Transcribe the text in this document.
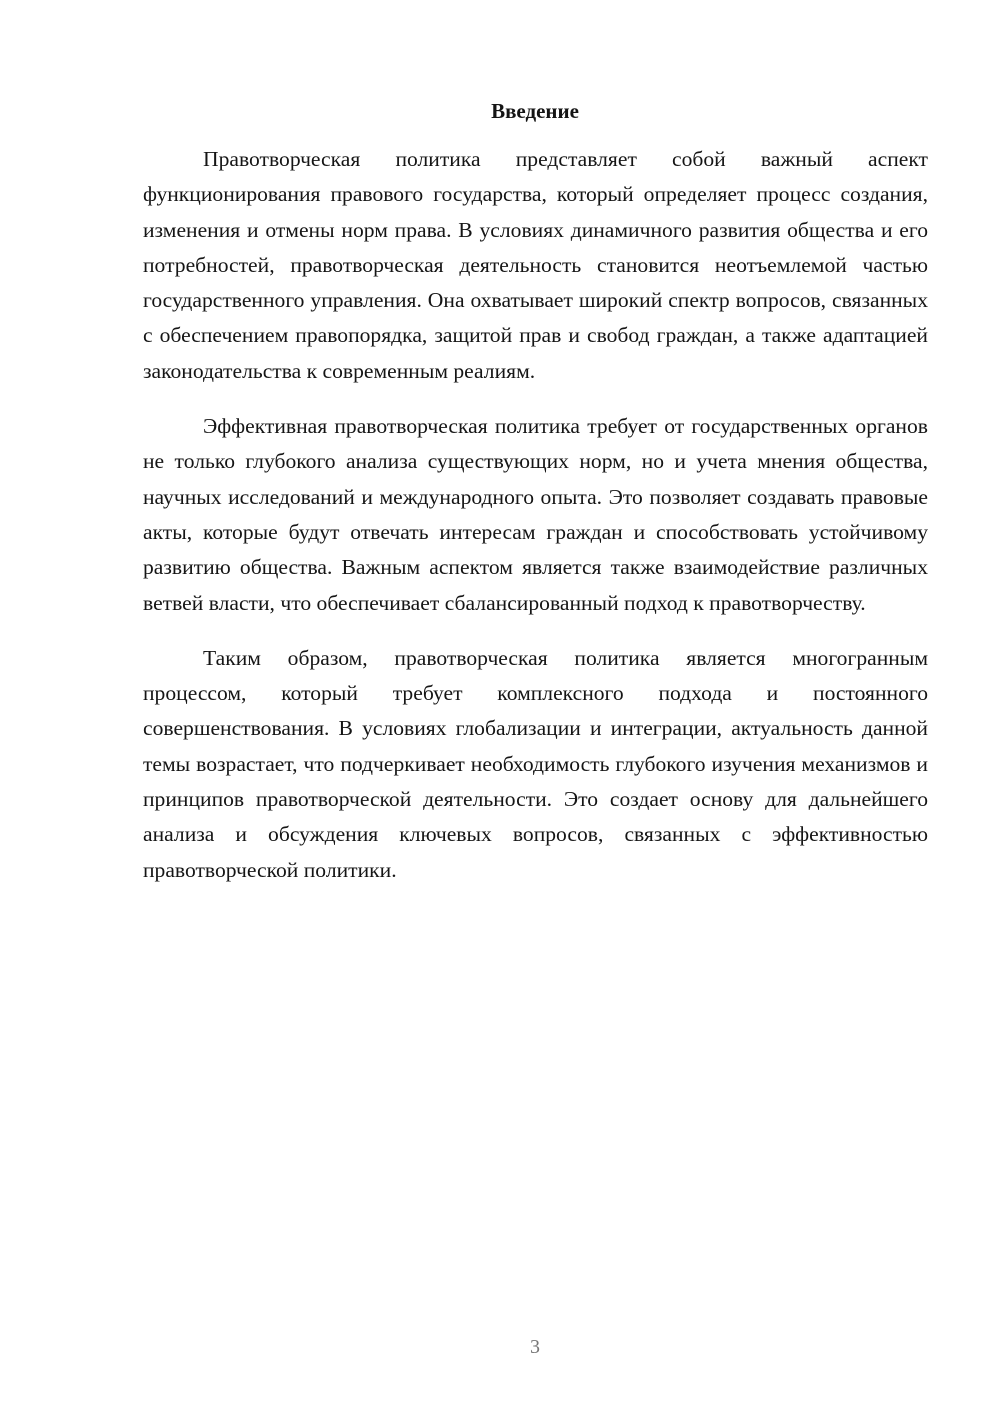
Введение

Правотворческая политика представляет собой важный аспект функционирования правового государства, который определяет процесс создания, изменения и отмены норм права. В условиях динамичного развития общества и его потребностей, правотворческая деятельность становится неотъемлемой частью государственного управления. Она охватывает широкий спектр вопросов, связанных с обеспечением правопорядка, защитой прав и свобод граждан, а также адаптацией законодательства к современным реалиям.

Эффективная правотворческая политика требует от государственных органов не только глубокого анализа существующих норм, но и учета мнения общества, научных исследований и международного опыта. Это позволяет создавать правовые акты, которые будут отвечать интересам граждан и способствовать устойчивому развитию общества. Важным аспектом является также взаимодействие различных ветвей власти, что обеспечивает сбалансированный подход к правотворчеству.

Таким образом, правотворческая политика является многогранным процессом, который требует комплексного подхода и постоянного совершенствования. В условиях глобализации и интеграции, актуальность данной темы возрастает, что подчеркивает необходимость глубокого изучения механизмов и принципов правотворческой деятельности. Это создает основу для дальнейшего анализа и обсуждения ключевых вопросов, связанных с эффективностью правотворческой политики.

3
